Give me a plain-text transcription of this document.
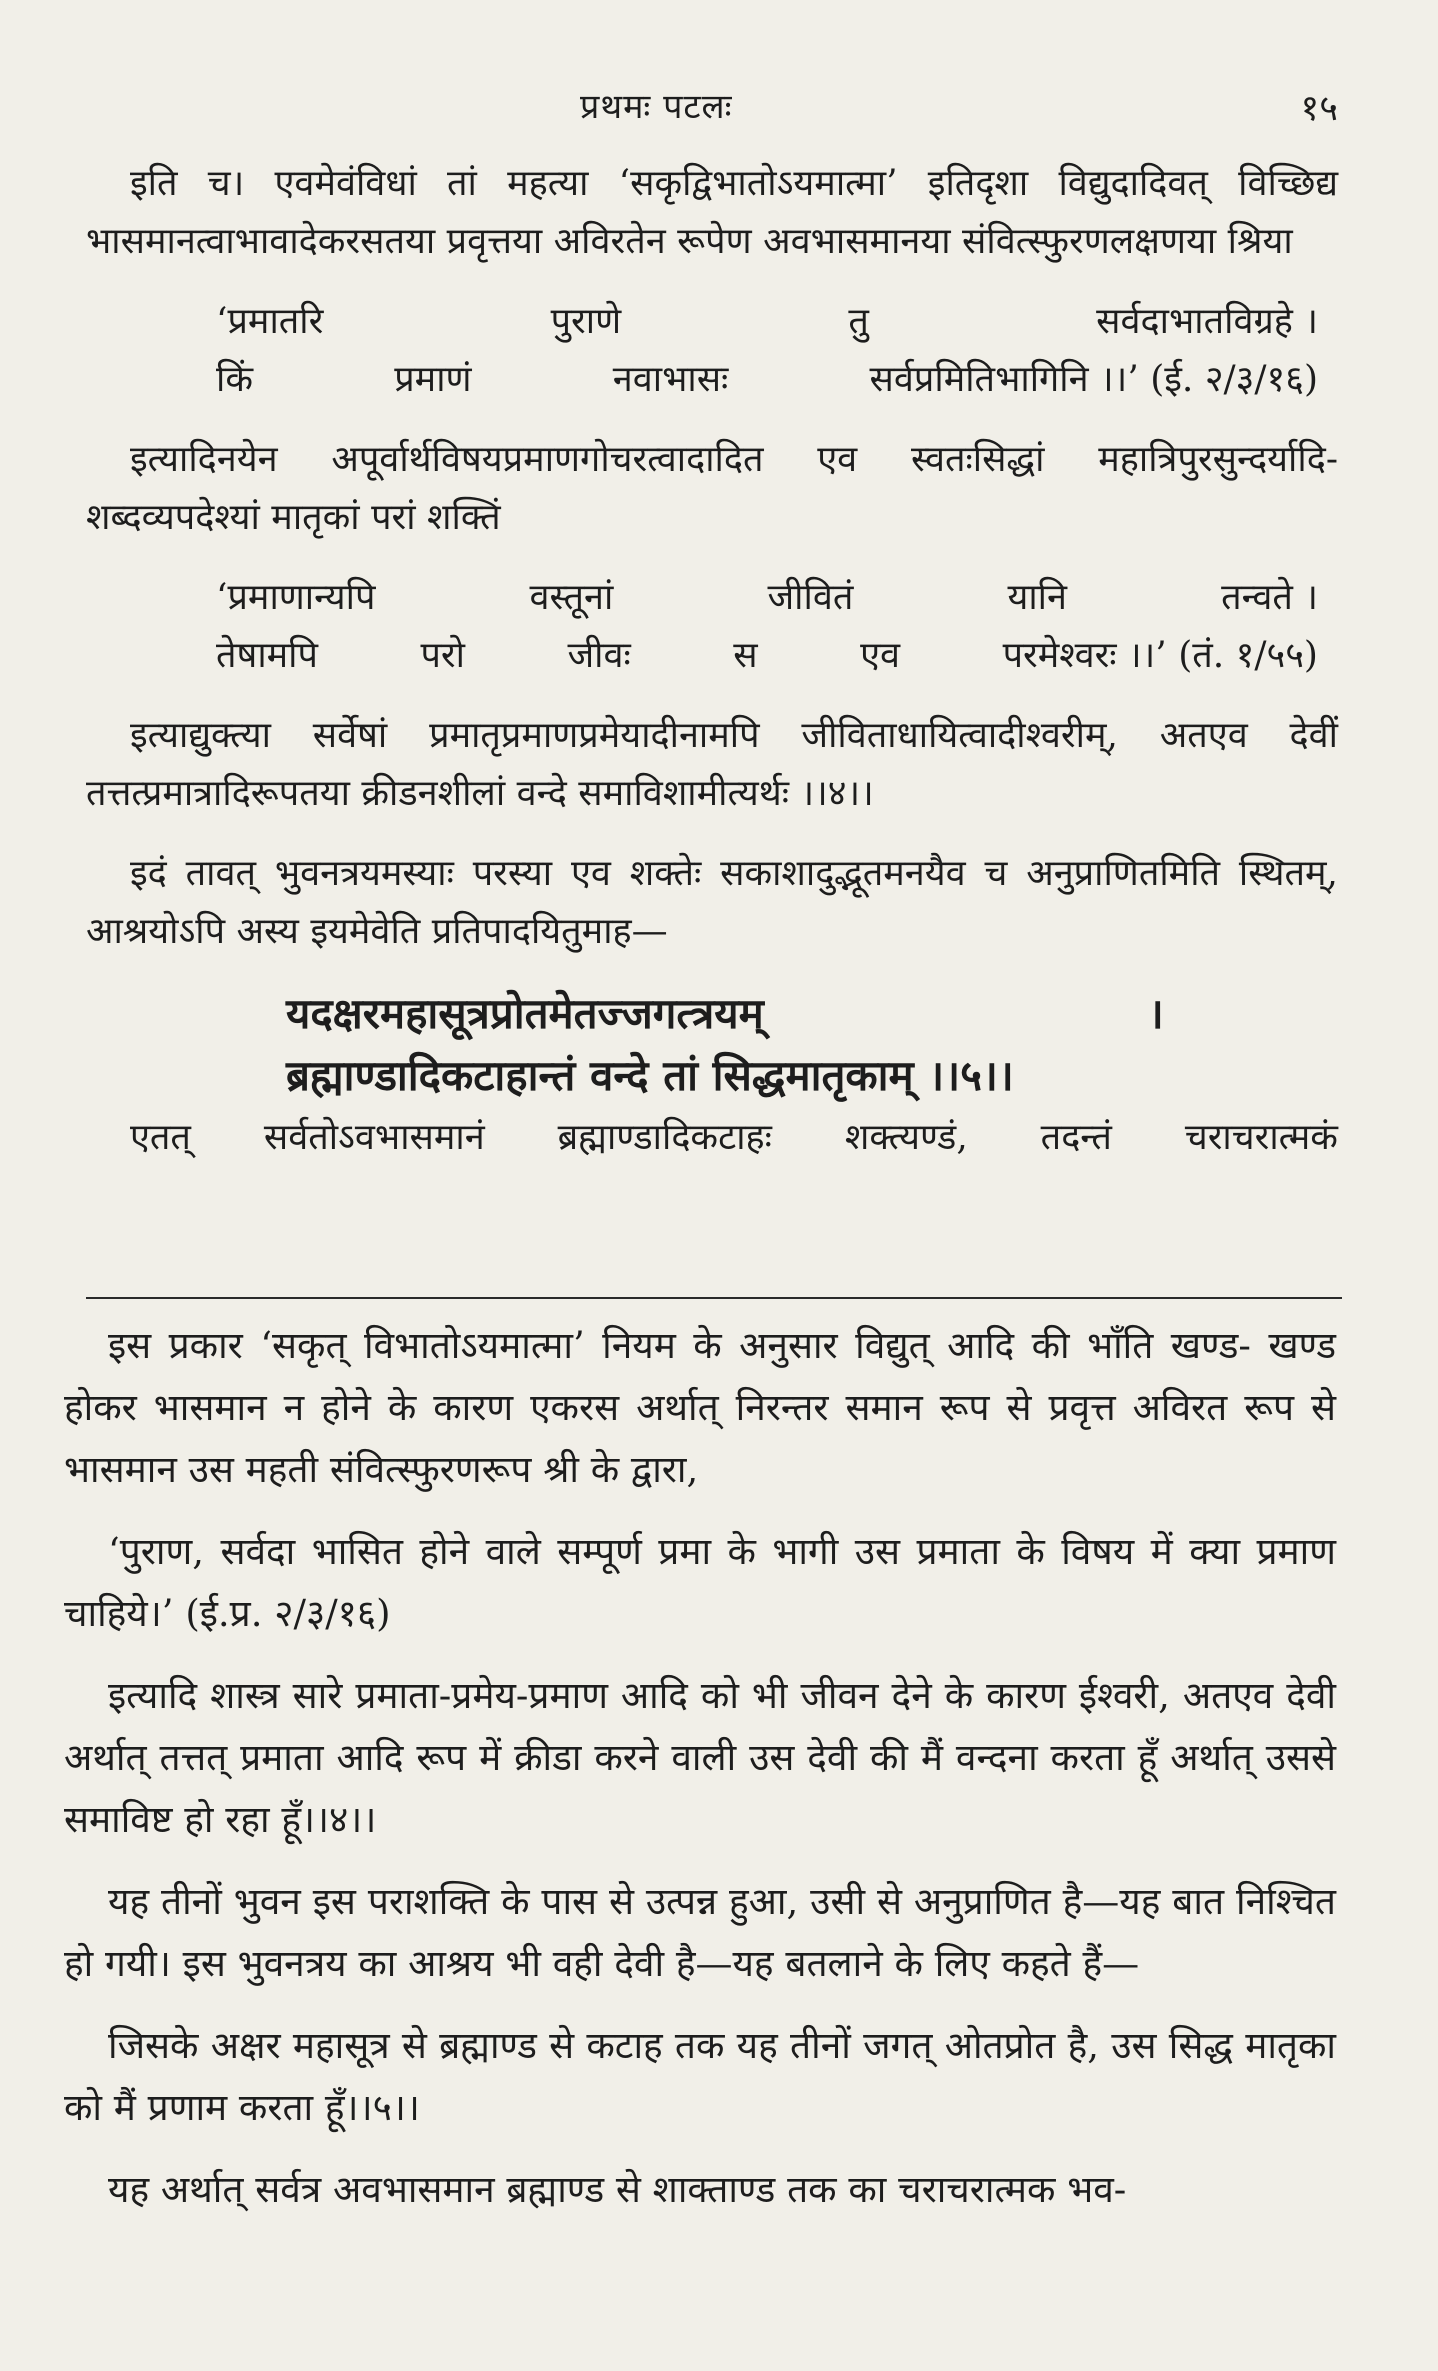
प्रथमः पटलः	१५

इति च। एवमेवंविधां तां महत्या ‘सकृद्विभातोऽयमात्मा’ इतिदृशा विद्युदादिवत् विच्छिद्य भासमानत्वाभावादेकरसतया प्रवृत्तया अविरतेन रूपेण अवभासमानया संवित्स्फुरणलक्षणया श्रिया

‘प्रमातरि	पुराणे	तु	सर्वदाभातविग्रहे ।
किं	प्रमाणं	नवाभासः	सर्वप्रमितिभागिनि ।।’ (ई. २/३/१६)

इत्यादिनयेन अपूर्वार्थविषयप्रमाणगोचरत्वादादित एव स्वतःसिद्धां महात्रिपुरसुन्दर्यादि- शब्दव्यपदेश्यां मातृकां परां शक्तिं

‘प्रमाणान्यपि	वस्तूनां	जीवितं	यानि	तन्वते ।
तेषामपि	परो	जीवः	स	एव	परमेश्वरः ।।’ (तं. १/५५)

इत्याद्युक्त्या सर्वेषां प्रमातृप्रमाणप्रमेयादीनामपि जीविताधायित्वादीश्वरीम्, अतएव देवीं तत्तत्प्रमात्रादिरूपतया क्रीडनशीलां वन्दे समाविशामीत्यर्थः ।।४।।

इदं तावत् भुवनत्रयमस्याः परस्या एव शक्तेः सकाशादुद्भूतमनयैव च अनुप्राणितमिति स्थितम्, आश्रयोऽपि अस्य इयमेवेति प्रतिपादयितुमाह—

यदक्षरमहासूत्रप्रोतमेतज्जगत्त्रयम्	।
ब्रह्माण्डादिकटाहान्तं वन्दे तां सिद्धमातृकाम् ।।५।।
एतत्	सर्वतोऽवभासमानं	ब्रह्माण्डादिकटाहः	शक्त्यण्डं,	तदन्तं	चराचरात्मकं

इस प्रकार ‘सकृत् विभातोऽयमात्मा’ नियम के अनुसार विद्युत् आदि की भाँति खण्ड- खण्ड होकर भासमान न होने के कारण एकरस अर्थात् निरन्तर समान रूप से प्रवृत्त अविरत रूप से भासमान उस महती संवित्स्फुरणरूप श्री के द्वारा,

‘पुराण, सर्वदा भासित होने वाले सम्पूर्ण प्रमा के भागी उस प्रमाता के विषय में क्या प्रमाण चाहिये।’ (ई.प्र. २/३/१६)

इत्यादि शास्त्र सारे प्रमाता-प्रमेय-प्रमाण आदि को भी जीवन देने के कारण ईश्वरी, अतएव देवी अर्थात् तत्तत् प्रमाता आदि रूप में क्रीडा करने वाली उस देवी की मैं वन्दना करता हूँ अर्थात् उससे समाविष्ट हो रहा हूँ।।४।।

यह तीनों भुवन इस पराशक्ति के पास से उत्पन्न हुआ, उसी से अनुप्राणित है—यह बात निश्चित हो गयी। इस भुवनत्रय का आश्रय भी वही देवी है—यह बतलाने के लिए कहते हैं—

जिसके अक्षर महासूत्र से ब्रह्माण्ड से कटाह तक यह तीनों जगत् ओतप्रोत है, उस सिद्ध मातृका को मैं प्रणाम करता हूँ।।५।।

यह अर्थात् सर्वत्र अवभासमान ब्रह्माण्ड से शाक्ताण्ड तक का चराचरात्मक भव-
